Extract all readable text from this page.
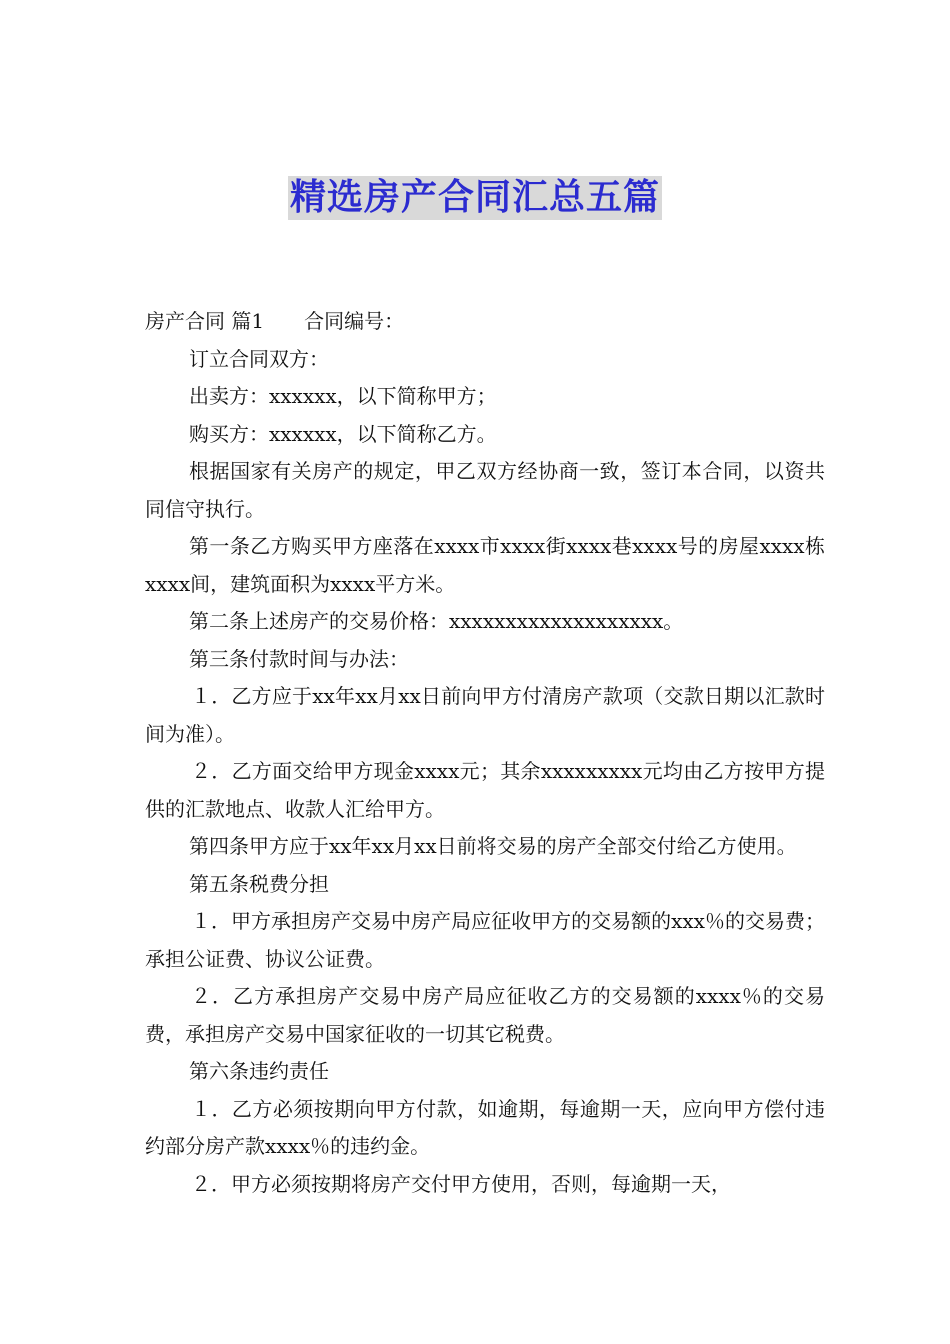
精选房产合同汇总五篇

房产合同 篇1 合同编号：

订立合同双方：

出卖方：xxxxxx，以下简称甲方；

购买方：xxxxxx，以下简称乙方。

根据国家有关房产的规定，甲乙双方经协商一致，签订本合同，以资共同信守执行。

第一条乙方购买甲方座落在xxxx市xxxx街xxxx巷xxxx号的房屋xxxx栋xxxx间，建筑面积为xxxx平方米。

第二条上述房产的交易价格：xxxxxxxxxxxxxxxxxxx。

第三条付款时间与办法：

１．乙方应于xx年xx月xx日前向甲方付清房产款项（交款日期以汇款时间为准）。

２．乙方面交给甲方现金xxxx元；其余xxxxxxxxx元均由乙方按甲方提供的汇款地点、收款人汇给甲方。

第四条甲方应于xx年xx月xx日前将交易的房产全部交付给乙方使用。

第五条税费分担

１．甲方承担房产交易中房产局应征收甲方的交易额的xxx％的交易费；承担公证费、协议公证费。

２．乙方承担房产交易中房产局应征收乙方的交易额的xxxx％的交易费，承担房产交易中国家征收的一切其它税费。

第六条违约责任

１．乙方必须按期向甲方付款，如逾期，每逾期一天，应向甲方偿付违约部分房产款xxxx％的违约金。

２．甲方必须按期将房产交付甲方使用，否则，每逾期一天，
